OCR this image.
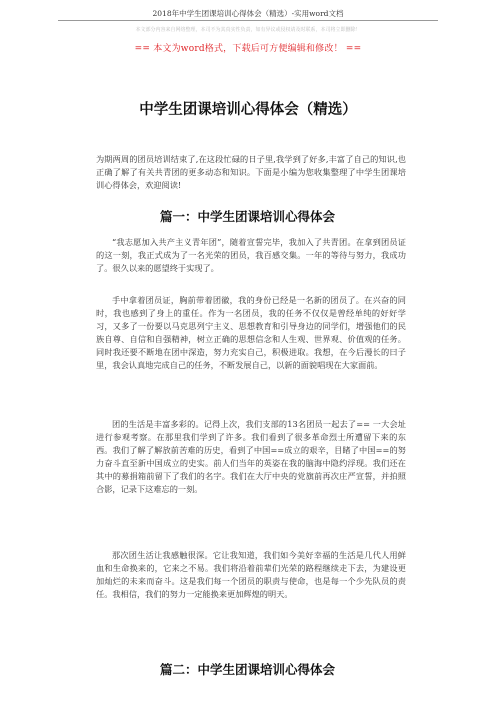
2018年中学生团课培训心得体会（精选）-实用word文档
本文部分内容来自网络整理，本司不为其真实性负责，如有异议或侵权请及时联系，本司将立即删除！
== 本文为word格式，下载后可方便编辑和修改！ ==
中学生团课培训心得体会（精选）

为期两周的团员培训结束了,在这段忙碌的日子里,我学到了好多,丰富了自己的知识,也正确了解了有关共青团的更多动态和知识。下面是小编为您收集整理了中学生团课培训心得体会，欢迎阅读!

篇一：中学生团课培训心得体会

“我志愿加入共产主义青年团”，随着宣誓完毕，我加入了共青团。在拿到团员证的这一刻，我正式成为了一名光荣的团员，我百感交集。一年的等待与努力，我成功了。很久以来的愿望终于实现了。

手中拿着团员证，胸前带着团徽，我的身份已经是一名新的团员了。在兴奋的同时，我也感到了身上的重任。作为一名团员，我的任务不仅仅是曾经单纯的好好学习，又多了一份要以马克思列宁主义、思想教育和引导身边的同学们，增强他们的民族自尊、自信和自强精神，树立正确的思想信念和人生观、世界观、价值观的任务。同时我还要不断地在团中深造，努力充实自己，积极进取。我想，在今后漫长的曰子里，我会认真地完成自己的任务，不断发展自己，以新的面貌唱现在大家面前。

团的生活是丰富多彩的。记得上次，我们支部的13名团员一起去了== 一大会址进行参观考察。在那里我们学到了许多。我们看到了很多革命烈士所遭留下来的东西。我们了解了解放前苦难的历史，看到了中国==成立的艰辛，目睹了中国==的努力奋斗直至新中国成立的史实。前人们当年的英姿在我的脑海中隐约浮现。我们还在其中的募捐箱前留下了我们的名字。我们在大厅中央的党旗前再次庄严宣誓，并拍照合影，记录下这难忘的一刻。

那次团生活让我感触很深。它让我知道，我们如今美好幸福的生活是几代人用鲜血和生命换来的，它来之不易。我们将沿着前辈们光荣的路程继续走下去，为建设更加灿烂的未来而奋斗。这是我们每一个团员的职责与使命，也是每一个少先队员的责任。我相信，我们的努力一定能换来更加辉煌的明天。

篇二：中学生团课培训心得体会
